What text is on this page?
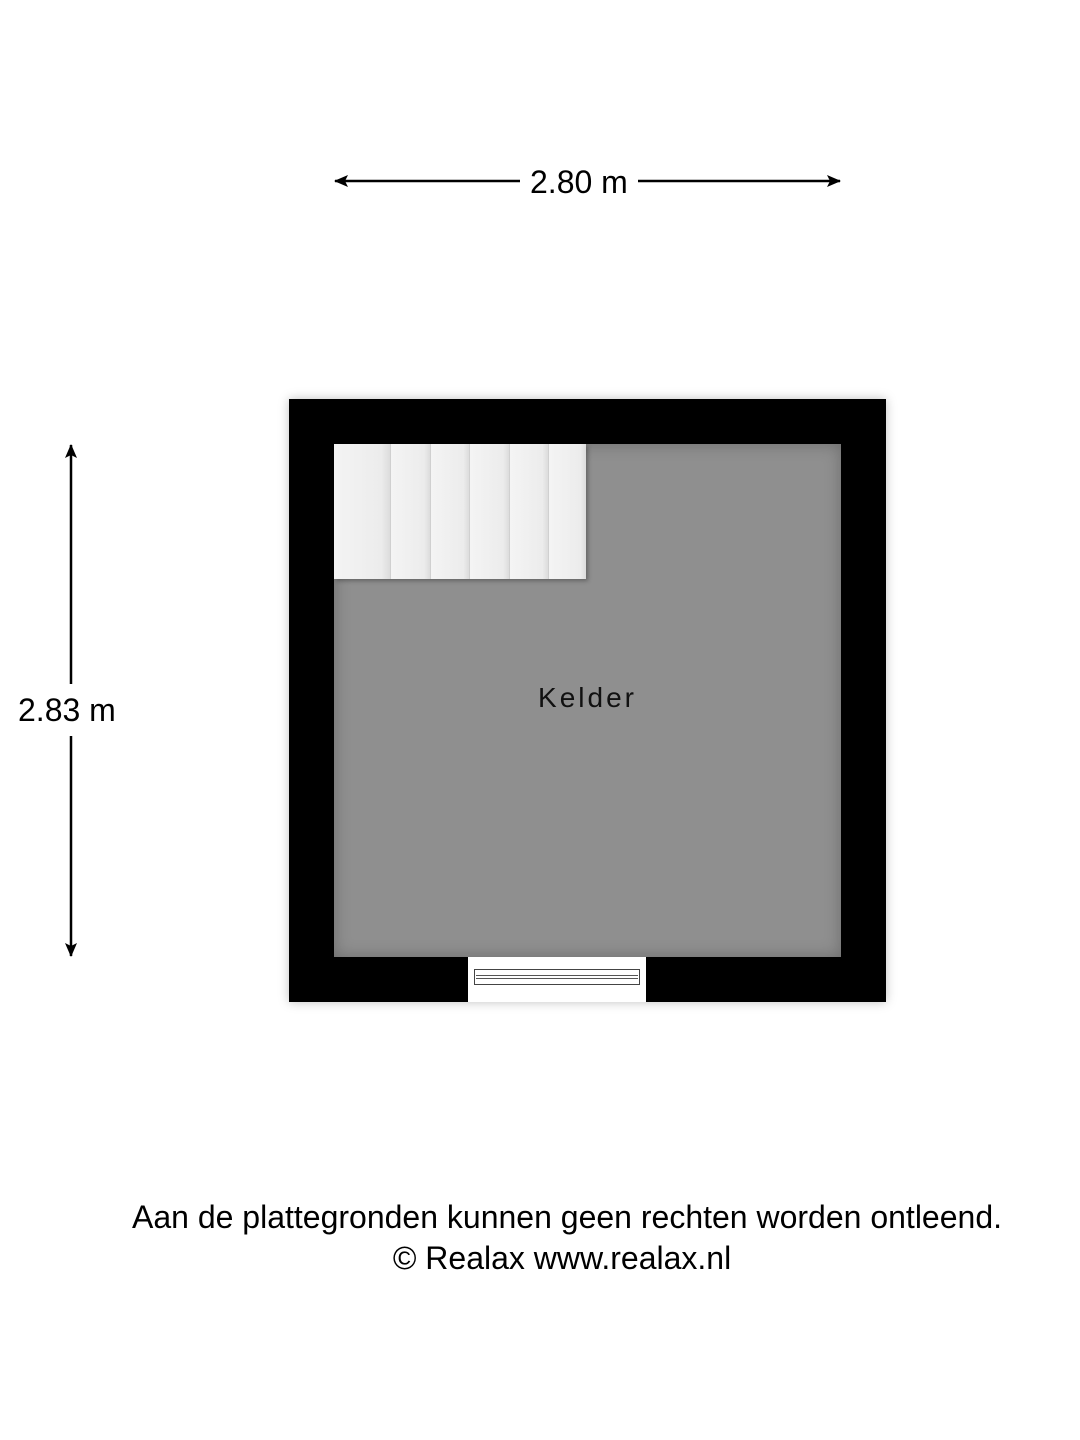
2.80 m
2.83 m	Kelder
Aan de plattegronden kunnen geen rechten worden ontleend.
© Realax www.realax.nl
